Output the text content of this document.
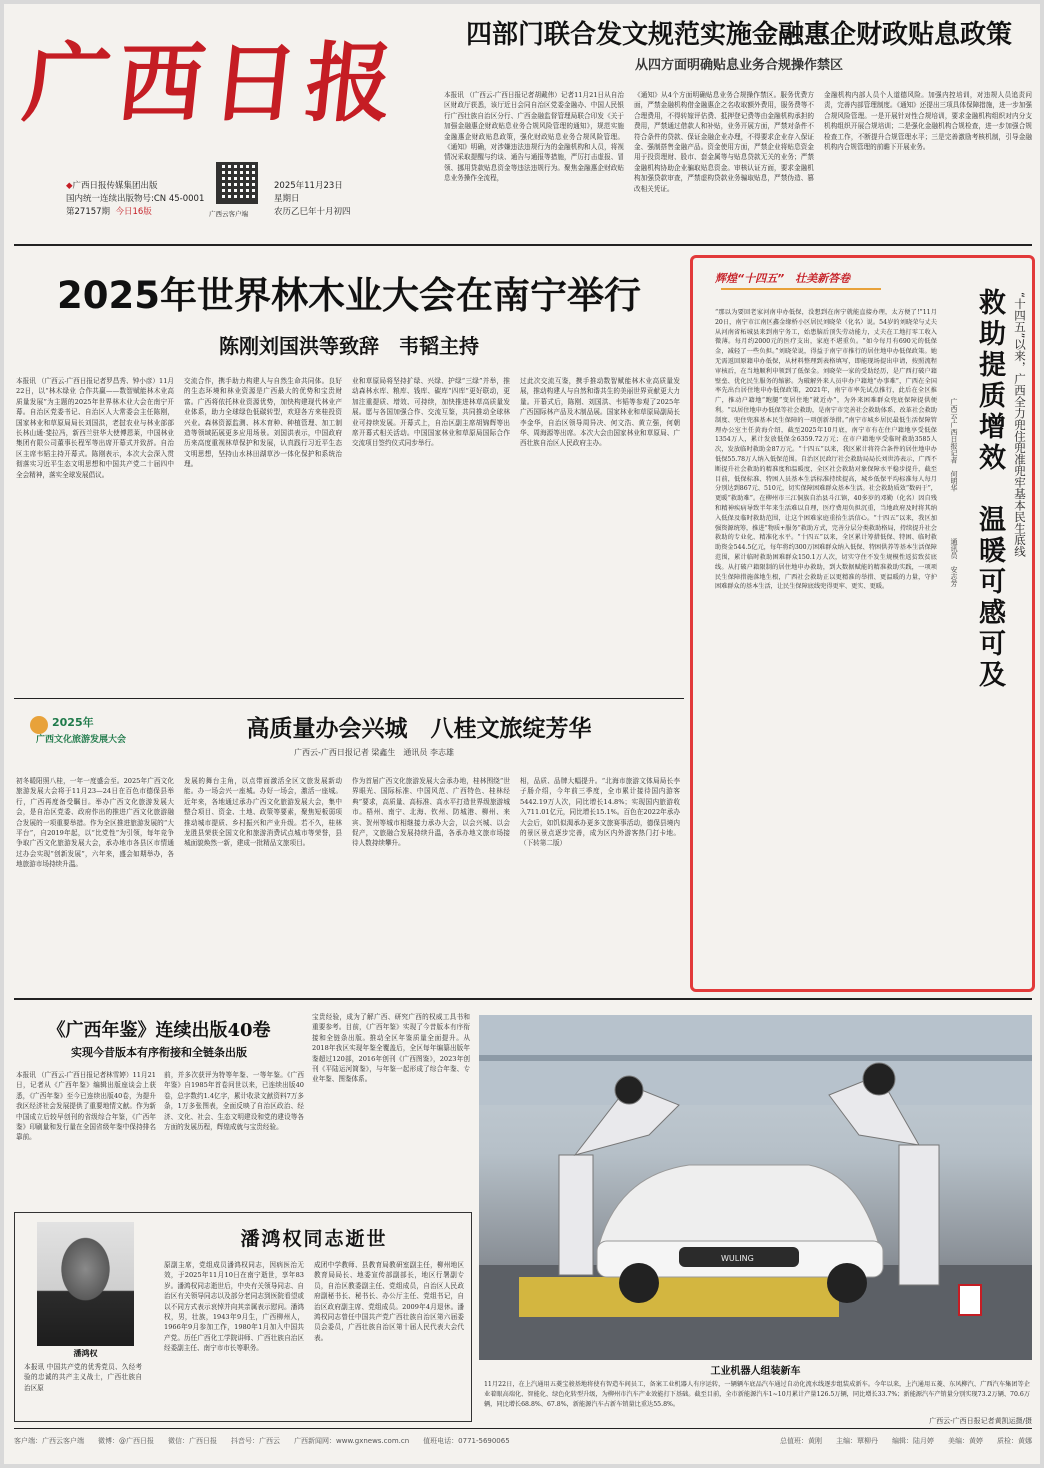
广西日报
◆广西日报传媒集团出版
国内统一连续出版物号:CN 45-0001
第27157期 今日16版	广西云客户端
2025年11月23日
星期日
农历乙巳年十月初四
四部门联合发文规范实施金融惠企财政贴息政策
从四方面明确贴息业务合规操作禁区

本报讯 （广西云-广西日报记者胡戴伟）记者11月21日从自治区财政厅获悉，该厅近日会同自治区党委金融办、中国人民银行广西壮族自治区分行、广西金融监督管理局联合印发《关于加强金融惠企财政贴息业务合规风险管理的通知》，规范实施金融惠企财政贴息政策，强化财政贴息业务合规风险管理。《通知》明确，对涉嫌违法违规行为的金融机构和人员，将视情况采取提醒与约谈、通告与通报等措施，严厉打击虚报、冒领、挪用贷款贴息资金等违法违规行为。聚焦金融惠企财政贴息业务操作全流程，

《通知》从4个方面明确贴息业务合规操作禁区。服务优费方面，严禁金融机构借金融惠企之名收取额外费用，服务费等不合理费用，不得转嫁评估费、抵押登记费等由金融机构承担的费用，严禁通过借款人和补贴，业务开展方面，严禁对条件不符合条件的贷款、保证金融企业办理，不得要求企业存入保证金、强制搭售金融产品。资金使用方面，严禁企业将贴息资金用于投资理财、股市、套金属等与贴息贷款无关的业务；严禁金融机构协助企业骗取贴息资金。审核认证方面，要求金融机构加强贷款审查，严禁虚构贷款业务骗取贴息，严禁伪造、篡改相关凭证。

金融机构内部人员个人道德风险。加强内控培训，对违规人员追责问责，完善内部管理制度。《通知》还提出三项具体保障措施，进一步加强合规风险管理。一是开展针对性合规培训，要求金融机构组织对内分支机构组织开展合规培训；二是强化金融机构合规检查，进一步加强合规检查工作，不断提升合规管理水平；三是完善激励考核机制，引导金融机构内合规管理的前瞻下开展业务。

2025年世界林木业大会在南宁举行
陈刚刘国洪等致辞　韦韬主持

本报讯 （广西云-广西日报记者罗昌秀、钟小彦）11月22日，以“林木绿业 合作共赢——数智赋能林木业高质量发展”为主题的2025年世界林木业大会在南宁开幕。自治区党委书记、自治区人大常委会主任陈刚，国家林业和草原局局长刘国洪，老挝农业与林业部部长林山通·斐拉冯，新西兰驻华大使傅恩莱，中国林业集团有限公司董事长程军等出席开幕式并致辞。自治区主席韦韬主持开幕式。陈刚表示，本次大会深入贯彻落实习近平生态文明思想和中国共产党二十届四中全会精神，落实全球发展倡议。

交流合作，携手助力构建人与自然生命共同体。良好的生态环境和林业资源是广西最大的优势和宝贵财富。广西将依托林业资源优势，加快构建现代林业产业体系，助力全球绿色低碳转型，欢迎各方来桂投资兴业。森林资源监测、林木育种、种植管理、加工制造等领域拓展更多应用场景。刘国洪表示，中国政府历来高度重视林草保护和发展，认真践行习近平生态文明思想，坚持山水林田湖草沙一体化保护和系统治理。

业和草原局将坚持扩绿、兴绿、护绿“三绿”并举，推动森林水库、粮库、钱库、碳库“四库”更好联动，更加注重提质、增效、可持续，加快推进林草高质量发展。愿与各国加强合作、交流互鉴，共同推动全球林业可持续发展。开幕式上，自治区副主席胡锦辉等出席开幕式相关活动。中国国家林业和草原局国际合作交流项目签约仪式同步举行。

过此次交流互鉴，携手推动数智赋能林木业高质量发展，推动构建人与自然和谐共生的美丽世界贡献更大力量。开幕式后，陈刚、刘国洪、韦韬等参观了2025年广西国际林产品及木制品展。国家林业和草原局副局长李金华，自治区领导周异决、何文浩、黄立强，何朝华、周海源等出席。本次大会由国家林业和草原局、广西壮族自治区人民政府主办。

2025年
广西文化旅游发展大会	高质量办会兴城　八桂文旅绽芳华
广西云-广西日报记者 梁鑫生　通讯员 李志雄

初冬暖阳照八桂，一年一度盛会至。2025年广西文化旅游发展大会将于11月23—24日在百色市德保县举行，广西再度备受瞩目。举办广西文化旅游发展大会，是自治区党委、政府作出的推进广西文化旅游融合发展的一项重要举措。作为全区推进旅游发展的“大平台”，自2019年起，以“比党性”为引领，每年竞争争取广西文化旅游发展大会，承办地市各县区市情通过办会实现“创新发展”，六年来，盛会如期举办，各地旅游市场持续升温。

发展的舞台主角，以点带面激活全区文旅发展新动能。办一场会兴一座城。办好一场会，激活一座城。近年来，各地通过承办广西文化旅游发展大会，集中整合项目、资金、土地、政策等要素，聚焦短板弱项推动城市提质、乡村振兴和产业升级。若不久，桂林龙胜县荣获全国文化和旅游消费试点城市等荣誉，县城面貌焕然一新，建成一批精品文旅项目。

作为首届广西文化旅游发展大会承办地，桂林围绕“世界眼光、国际标准、中国风范、广西特色、桂林经典”要求，高质量、高标准、高水平打造世界级旅游城市。梧州、南宁、北海、钦州、防城港、柳州、来宾、贺州等城市相继接力承办大会，以会兴城、以会促产，文旅融合发展持续升温，各承办地文旅市场接待人数持续攀升。

相，品质、品牌大幅提升。“北海市旅游文体局局长李子肠介绍，今年前三季度，全市累计接待国内游客5442.19万人次，同比增长14.8%；实现国内旅游收入711.01亿元，同比增长15.1%。百色在2022年承办大会后，如饥似渴承办更多文旅赛事活动，德保县境内的景区景点逐步完善，成为区内外游客热门打卡地。（下转第二版）

辉煌“十四五”　壮美新答卷

“那以为要回老家河南申办低保，没想到在南宁就能直接办理，太方便了!”11月20日，南宁市江南区鑫金缘桥小区居民刘晓荣（化名）说。54岁的刘晓荣与丈夫从河南省柘城县来到南宁务工，始患脑后顶失劳动能力，丈夫在工地打零工收入微薄。每月约2000元的医疗支出，家庭不堪重负。“如今每月有690元的低保金，减轻了一些负担。”刘晓荣说，得益于南宁市推行的居住地申办低保政策。她无需返回原籍申办低保，从材料整理到表格填写，即能现场提出申请，按照流程审核后，在当地顺利申领到了低保金。刘晓荣一家的受助经历，是广西打破户籍壁垒、优化民生服务的缩影。为破解外来人员申办户籍地“办事难”，广西在全国率先出台居住地申办低保政策，2021年，南宁市率先试点推行，此后在全区推广，推动户籍地“跑腿”变居住地“就近办”，为外来困难群众兜底保障提供便利。“以居住地申办低保等社会救助，是南宁市完善社会救助体系、改革社会救助制度、兜住兜准基本民生保障的一项创新举措。”南宁市城乡居民最低生活保障管理办公室主任黄海介绍，截至2025年10月底，南宁市有在住户籍地享受低保1354万人，累计发放低保金6359.72万元；在市户籍地享受临时救助3585人次，发放临时救助金87万元。“十四五”以来，我区累计将符合条件的居住地申办低保55.78万人纳入低保范围。自治区民政厅社会救助局局长刘世涛表示，广西不断提升社会救助的精准度和温暖度，全区社会救助对象保障水平稳步提升，截至目前，低保标准、特困人员基本生活标准持续提高，城乡低保平均标准每人每月分别达到867元、510元，切实保障困难群众基本生活。社会救助质效“数码于”，更暖“救助难”。在柳州市三江侗族自治县斗江镇，40多岁的邓勤（化名）因自残和精神疾病导致半年来生活难以自理，医疗费用负担沉重，当地政府及时将其纳入低保及临时救助范围，让这个困难家庭重拾生活信心。“十四五”以来，我区加强资源统筹，推进“物质+服务”救助方式，完善分层分类救助格局，持续提升社会救助的专业化、精准化水平。“十四五”以来，全区累计筹措低保、特困、临时救助资金544.5亿元，每年将约300万困难群众纳入低保、特困供养等基本生活保障范围，累计临时救助困难群众150.1万人次，切实守住不发生规模性返贫致贫底线。从打破户籍限制的居住地申办救助，到大数据赋能的精准救助实践，一项项民生保障措施落地生根，广西社会救助正以更精准的举措、更温暖的力量，守护困难群众的基本生活，让民生保障底线兜得更牢、更实、更暖。	救助提质增效　温暖可感可及 “十四五”以来，广西全力兜住兜准兜牢基本民生底线
广西云-广西日报记者　何明华
通讯员　安志芳
《广西年鉴》连续出版40卷
实现今昔版本有序衔接和全链条出版

本报讯 （广西云-广西日报记者林雪婷）11月21日，记者从《广西年鉴》编辑出版座谈会上获悉，《广西年鉴》至今已连续出版40卷，为提升我区经济社会发展提供了重要地情文献。作为新中国成立后较早创刊的省级综合年鉴，《广西年鉴》印刷量和发行量在全国省级年鉴中保持排名靠前。

前，并多次获评为特等年鉴、一等年鉴。《广西年鉴》自1985年首卷问世以来，已连续出版40卷，总字数约1.4亿字，累计收录文献资料7万多条，1万多张图表，全面反映了自治区政治、经济、文化、社会、生态文明建设和党的建设等各方面的发展历程，辉煌成就与宝贵经验。

宝贵经验，成为了解广西、研究广西的权威工具书和重要参考。目前，《广西年鉴》实现了今昔版本有序衔接和全链条出版。推动全区年鉴质量全面提升。从2018年我区实现年鉴全覆盖后，全区每年编纂出版年鉴超过120部，2016年创刊《广西图鉴》，2023年创刊《平陆运河简鉴》，与年鉴一起形成了综合年鉴、专业年鉴、图鉴体系。

潘鸿权
潘鸿权同志逝世

本报讯 中国共产党的优秀党员、久经考验的忠诚的共产主义战士，广西壮族自治区原

原副主席，党组成员潘鸿权同志，因病医治无效，于2025年11月10日在南宁逝世，享年83岁。潘鸿权同志逝世后，中央有关领导同志、自治区有关领导同志以及部分老同志到医院看望或以不同方式表示哀悼并向其亲属表示慰问。潘鸿权，男，壮族，1943年9月生，广西柳州人，1966年9月参加工作，1980年1月加入中国共产党。历任广西化工学院讲师、广西壮族自治区经委副主任、南宁市市长等职务。

成团中学教师、县教育局教研室副主任，柳州地区教育局局长、地委宣传部副部长，地区行署副专员，自治区教委副主任、党组成员，自治区人民政府副秘书长、秘书长、办公厅主任、党组书记，自治区政府副主席、党组成员。2009年4月退休。潘鸿权同志曾任中国共产党广西壮族自治区第六届委员会委员，广西壮族自治区第十届人民代表大会代表。

WULING
工业机器人组装新车

11月22日，在上汽通用五菱宝骏基地将使有智造车间员工，备案工业机器人有序运转，一辆辆车底品汽车通过自动化流水线逐步组装成新车。今年以来，上汽通用五菱、东风柳汽、广西汽车集团等企业着眼高端化、智能化、绿色化转型升级，为柳州市汽车产业效能打下基础。截至目前，全市新能源汽车1~10月累计产量126.5万辆，同比增长33.7%；新能源汽车产销量分别实现73.2万辆、70.6万辆，同比增长68.8%、67.8%，新能源汽车占新车销量比重达55.8%。

广西云-广西日报记者黄凯运摄/摄
客户端：广西云客户端 微博：@广西日报 微信：广西日报 抖音号：广西云 广西新闻网：www.gxnews.com.cn 值班电话：0771-5690065	总值班：黄刚 主编：覃柳丹 编辑：陆月婷 美编：黄婷 质检：黄娜
